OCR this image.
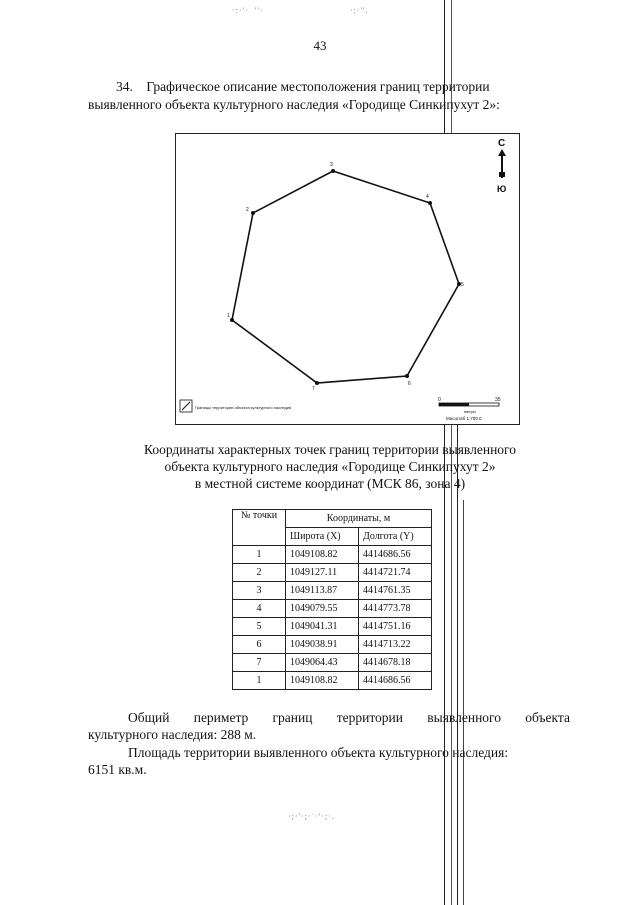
·:·'·ﾟ''·	·:·''.
·;·'·;·˙·'·;·.
43
34. Графическое описание местоположения границ территории
выявленного объекта культурного наследия «Городище Синкипухут 2»:
1
2
3
4
5
6
7
С
Ю
0	35
метры
Масштаб 1:700.0
Границы территории объекта культурного наследия
Координаты характерных точек границ территории выявленного
объекта культурного наследия «Городище Синкипухут 2»
в местной системе координат (МСК 86, зона 4)
№ точки	Координаты, м	
	Широта (X)	Долгота (Y)
1	1049108.82	4414686.56
2	1049127.11	4414721.74
3	1049113.87	4414761.35
4	1049079.55	4414773.78
5	1049041.31	4414751.16
6	1049038.91	4414713.22
7	1049064.43	4414678.18
1	1049108.82	4414686.56
Общий периметр границ территории выявленного объекта
культурного наследия: 288 м.
Площадь территории выявленного объекта культурного наследия:
6151 кв.м.
